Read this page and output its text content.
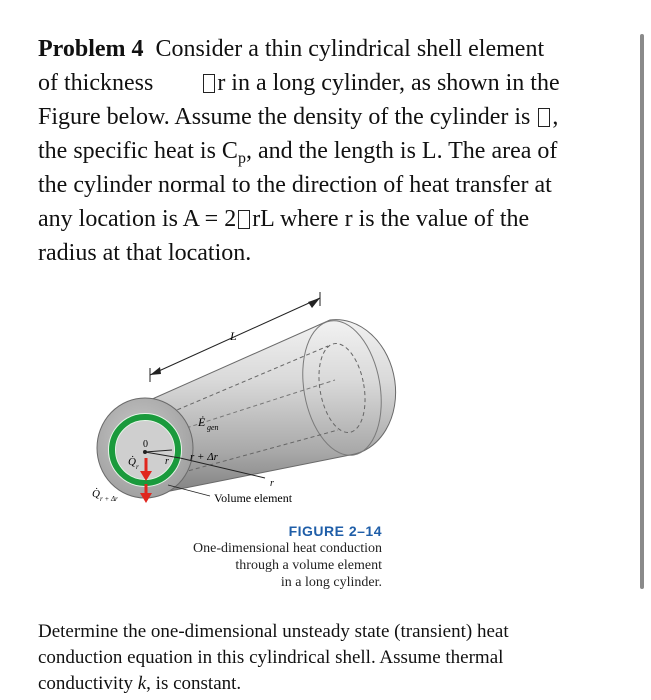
Problem 4 Consider a thin cylindrical shell element
of thickness	r in a long cylinder, as shown in the
Figure below. Assume the density of the cylinder is ,
the specific heat is $C_p$, and the length is L. The area of
the cylinder normal to the direction of heat transfer at
any location is A = 2 rL where r is the value of the
radius at that location.
L
Ė gen
0
Q̇ r	r r + Δr
r
Q̇ r + Δr	Volume element
FIGURE 2–14
One-dimensional heat conduction
through a volume element
in a long cylinder.
Determine the one-dimensional unsteady state (transient) heat
conduction equation in this cylindrical shell. Assume thermal
conductivity k, is constant.
